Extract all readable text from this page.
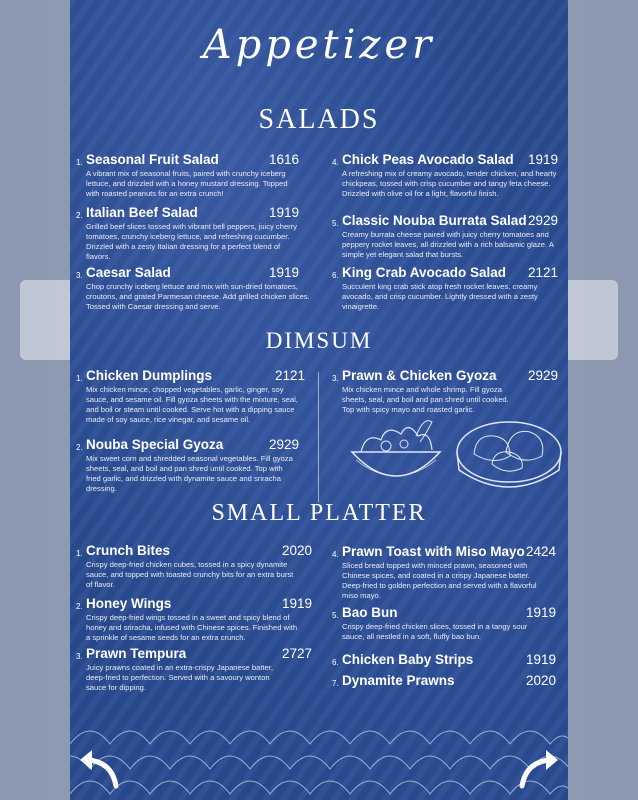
Appetizer
SALADS
1. Seasonal Fruit Salad	1616
A vibrant mix of seasonal fruits, paired with crunchy iceberg lettuce, and drizzled with a honey mustard dressing. Topped with roasted peanuts for an extra crunch!
2. Italian Beef Salad	1919
Grilled beef slices tossed with vibrant bell peppers, juicy cherry tomatoes, crunchy iceberg lettuce, and refreshing cucumber. Drizzled with a zesty Italian dressing for a perfect blend of flavors.
3. Caesar Salad	1919
Chop crunchy iceberg lettuce and mix with sun-dried tomatoes, croutons, and grated Parmesan cheese. Add grilled chicken slices. Tossed with Caesar dressing and serve.
4. Chick Peas Avocado Salad 1919
A refreshing mix of creamy avocado, tender chicken, and hearty chickpeas, tossed with crisp cucumber and tangy feta cheese. Drizzled with olive oil for a light, flavorful finish.
5. Classic Nouba Burrata Salad 2929
Creamy burrata cheese paired with juicy cherry tomatoes and peppery rocket leaves, all drizzled with a rich balsamic glaze. A simple yet elegant salad that bursts.
6. King Crab Avocado Salad 2121
Succulent king crab stick atop fresh rocket leaves, creamy avocado, and crisp cucumber. Lightly dressed with a zesty vinaigrette.
DIMSUM
1. Chicken Dumplings	2121
Mix chicken mince, chopped vegetables, garlic, ginger, soy sauce, and sesame oil. Fill gyoza sheets with the mixture, seal, and boil or steam until cooked. Serve hot with a dipping sauce made of soy sauce, rice vinegar, and sesame oil.
2. Nouba Special Gyoza	2929
Mix sweet corn and shredded seasonal vegetables. Fill gyoza sheets, seal, and boil and pan shred until cooked. Top with fried garlic, and drizzled with dynamite sauce and sriracha dressing.
3. Prawn & Chicken Gyoza 2929
Mix chicken mince and whole shrimp. Fill gyoza sheets, seal, and boil and pan shred until cooked. Top with spicy mayo and roasted garlic.
SMALL PLATTER
1. Crunch Bites	2020
Crispy deep-fried chicken cubes, tossed in a spicy dynamite sauce, and topped with toasted crunchy bits for an extra burst of flavor.
2. Honey Wings	1919
Crispy deep-fried wings tossed in a sweet and spicy blend of honey and sriracha, infused with Chinese spices. Finished with a sprinkle of sesame seeds for an extra crunch.
3. Prawn Tempura	2727
Juicy prawns coated in an extra-crispy Japanese batter, deep-fried to perfection. Served with a savoury wonton sauce for dipping.
4. Prawn Toast with Miso Mayo 2424
Sliced bread topped with minced prawn, seasoned with Chinese spices, and coated in a crispy Japanese batter. Deep-fried to golden perfection and served with a flavorful miso mayo.
5. Bao Bun	1919
Crispy deep-fried chicken slices, tossed in a tangy sour sauce, all nestled in a soft, fluffy bao bun.
6. Chicken Baby Strips	1919
7. Dynamite Prawns	2020
